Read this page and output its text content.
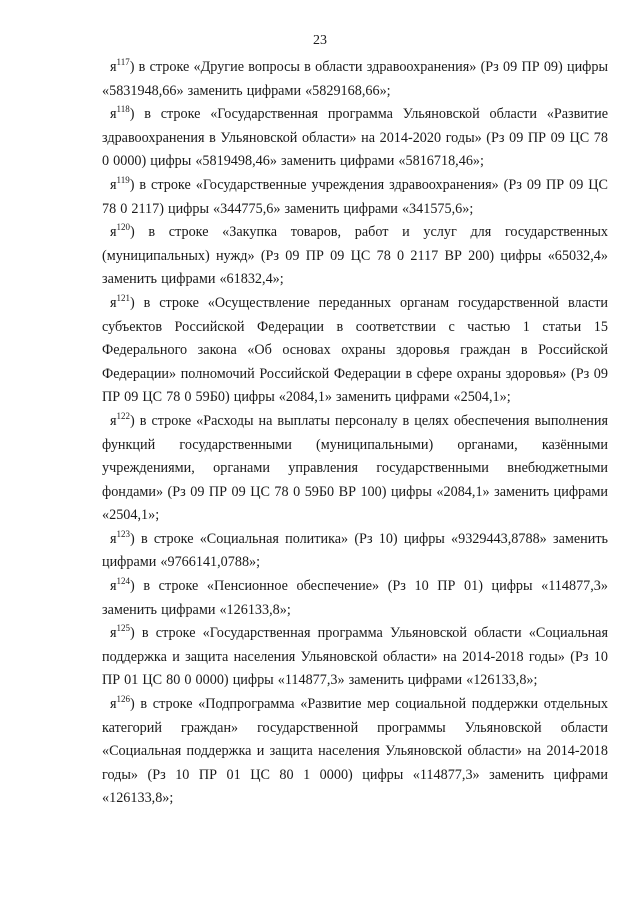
23

$я^{117}$) в строке «Другие вопросы в области здравоохранения» (Рз 09 ПР 09) цифры «5831948,66» заменить цифрами «5829168,66»;

$я^{118}$) в строке «Государственная программа Ульяновской области «Развитие здравоохранения в Ульяновской области» на 2014-2020 годы» (Рз 09 ПР 09 ЦС 78 0 0000) цифры «5819498,46» заменить цифрами «5816718,46»;

$я^{119}$) в строке «Государственные учреждения здравоохранения» (Рз 09 ПР 09 ЦС 78 0 2117) цифры «344775,6» заменить цифрами «341575,6»;

$я^{120}$) в строке «Закупка товаров, работ и услуг для государственных (муниципальных) нужд» (Рз 09 ПР 09 ЦС 78 0 2117 ВР 200) цифры «65032,4» заменить цифрами «61832,4»;

$я^{121}$) в строке «Осуществление переданных органам государственной власти субъектов Российской Федерации в соответствии с частью 1 статьи 15 Федерального закона «Об основах охраны здоровья граждан в Российской Федерации» полномочий Российской Федерации в сфере охраны здоровья» (Рз 09 ПР 09 ЦС 78 0 59Б0) цифры «2084,1» заменить цифрами «2504,1»;

$я^{122}$) в строке «Расходы на выплаты персоналу в целях обеспечения выполнения функций государственными (муниципальными) органами, казёнными учреждениями, органами управления государственными внебюджетными фондами» (Рз 09 ПР 09 ЦС 78 0 59Б0 ВР 100) цифры «2084,1» заменить цифрами «2504,1»;

$я^{123}$) в строке «Социальная политика» (Рз 10) цифры «9329443,8788» заменить цифрами «9766141,0788»;

$я^{124}$) в строке «Пенсионное обеспечение» (Рз 10 ПР 01) цифры «114877,3» заменить цифрами «126133,8»;

$я^{125}$) в строке «Государственная программа Ульяновской области «Социальная поддержка и защита населения Ульяновской области» на 2014-2018 годы» (Рз 10 ПР 01 ЦС 80 0 0000) цифры «114877,3» заменить цифрами «126133,8»;

$я^{126}$) в строке «Подпрограмма «Развитие мер социальной поддержки отдельных категорий граждан» государственной программы Ульяновской области «Социальная поддержка и защита населения Ульяновской области» на 2014-2018 годы» (Рз 10 ПР 01 ЦС 80 1 0000) цифры «114877,3» заменить цифрами «126133,8»;
